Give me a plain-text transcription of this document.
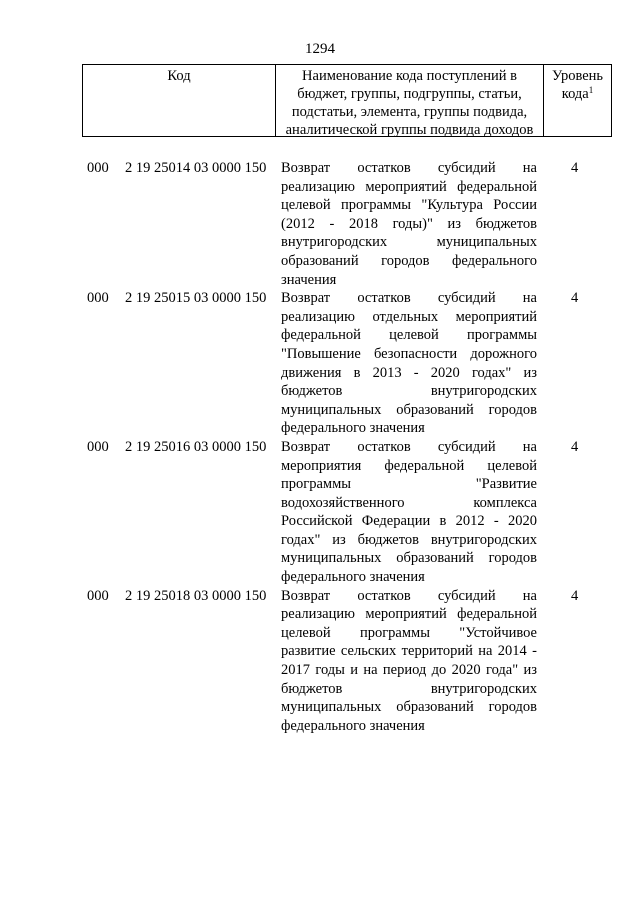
1294
Код	Наименование кода поступлений в бюджет, группы, подгруппы, статьи, подстатьи, элемента, группы подвида, аналитической группы подвида доходов
Уровень кода$^1$
000 2 19 25014 03 0000 150 Возврат остатков субсидий на реализацию мероприятий федеральной целевой программы "Культура России (2012 - 2018 годы)" из бюджетов внутригородских муниципальных образований городов федерального значения
4
000 2 19 25015 03 0000 150 Возврат остатков субсидий на реализацию отдельных мероприятий федеральной целевой программы "Повышение безопасности дорожного движения в 2013 - 2020 годах" из бюджетов внутригородских муниципальных образований городов федерального значения
4
000 2 19 25016 03 0000 150 Возврат остатков субсидий на мероприятия федеральной целевой программы "Развитие водохозяйственного комплекса Российской Федерации в 2012 - 2020 годах" из бюджетов внутригородских муниципальных образований городов федерального значения
4
000 2 19 25018 03 0000 150 Возврат остатков субсидий на реализацию мероприятий федеральной целевой программы "Устойчивое развитие сельских территорий на 2014 - 2017 годы и на период до 2020 года" из бюджетов внутригородских муниципальных образований городов федерального значения
4
